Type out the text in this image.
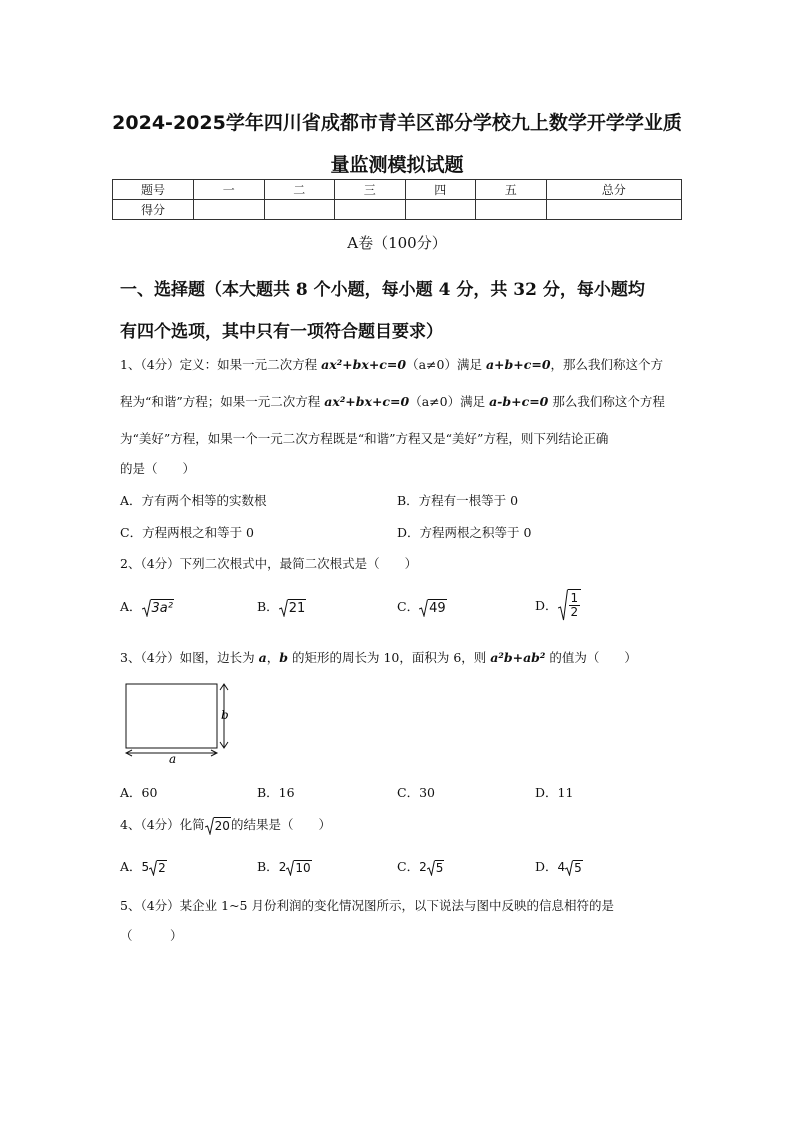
2024-2025学年四川省成都市青羊区部分学校九上数学开学学业质
量监测模拟试题
题号	一	二	三	四	五	总分
得分						
A卷（100分）
一、选择题（本大题共 8 个小题，每小题 4 分，共 32 分，每小题均
有四个选项，其中只有一项符合题目要求）
1、（4分）定义：如果一元二次方程 ax²+bx+c=0（a≠0）满足 a+b+c=0，那么我们称这个方
程为“和谐”方程；如果一元二次方程 ax²+bx+c=0（a≠0）满足 a-b+c=0 那么我们称这个方程
为“美好”方程，如果一个一元二次方程既是“和谐”方程又是“美好”方程，则下列结论正确
的是（　　）
A．方有两个相等的实数根	B．方程有一根等于 0
C．方程两根之和等于 0	D．方程两根之积等于 0
2、（4分）下列二次根式中，最简二次根式是（　　）
A． 3a²	B． 21	C． 49	D． $\frac{1}{2}$
3、（4分）如图，边长为 a，b 的矩形的周长为 10，面积为 6，则 a²b+ab² 的值为（　　）
b
a
A．60	B．16	C．30	D．11
4、（4分）化简 20 的结果是（　　）
A．5 2	B．2 10	C．2 5	D．4 5
5、（4分）某企业 1~5 月份利润的变化情况图所示，以下说法与图中反映的信息相符的是
（　　　）
